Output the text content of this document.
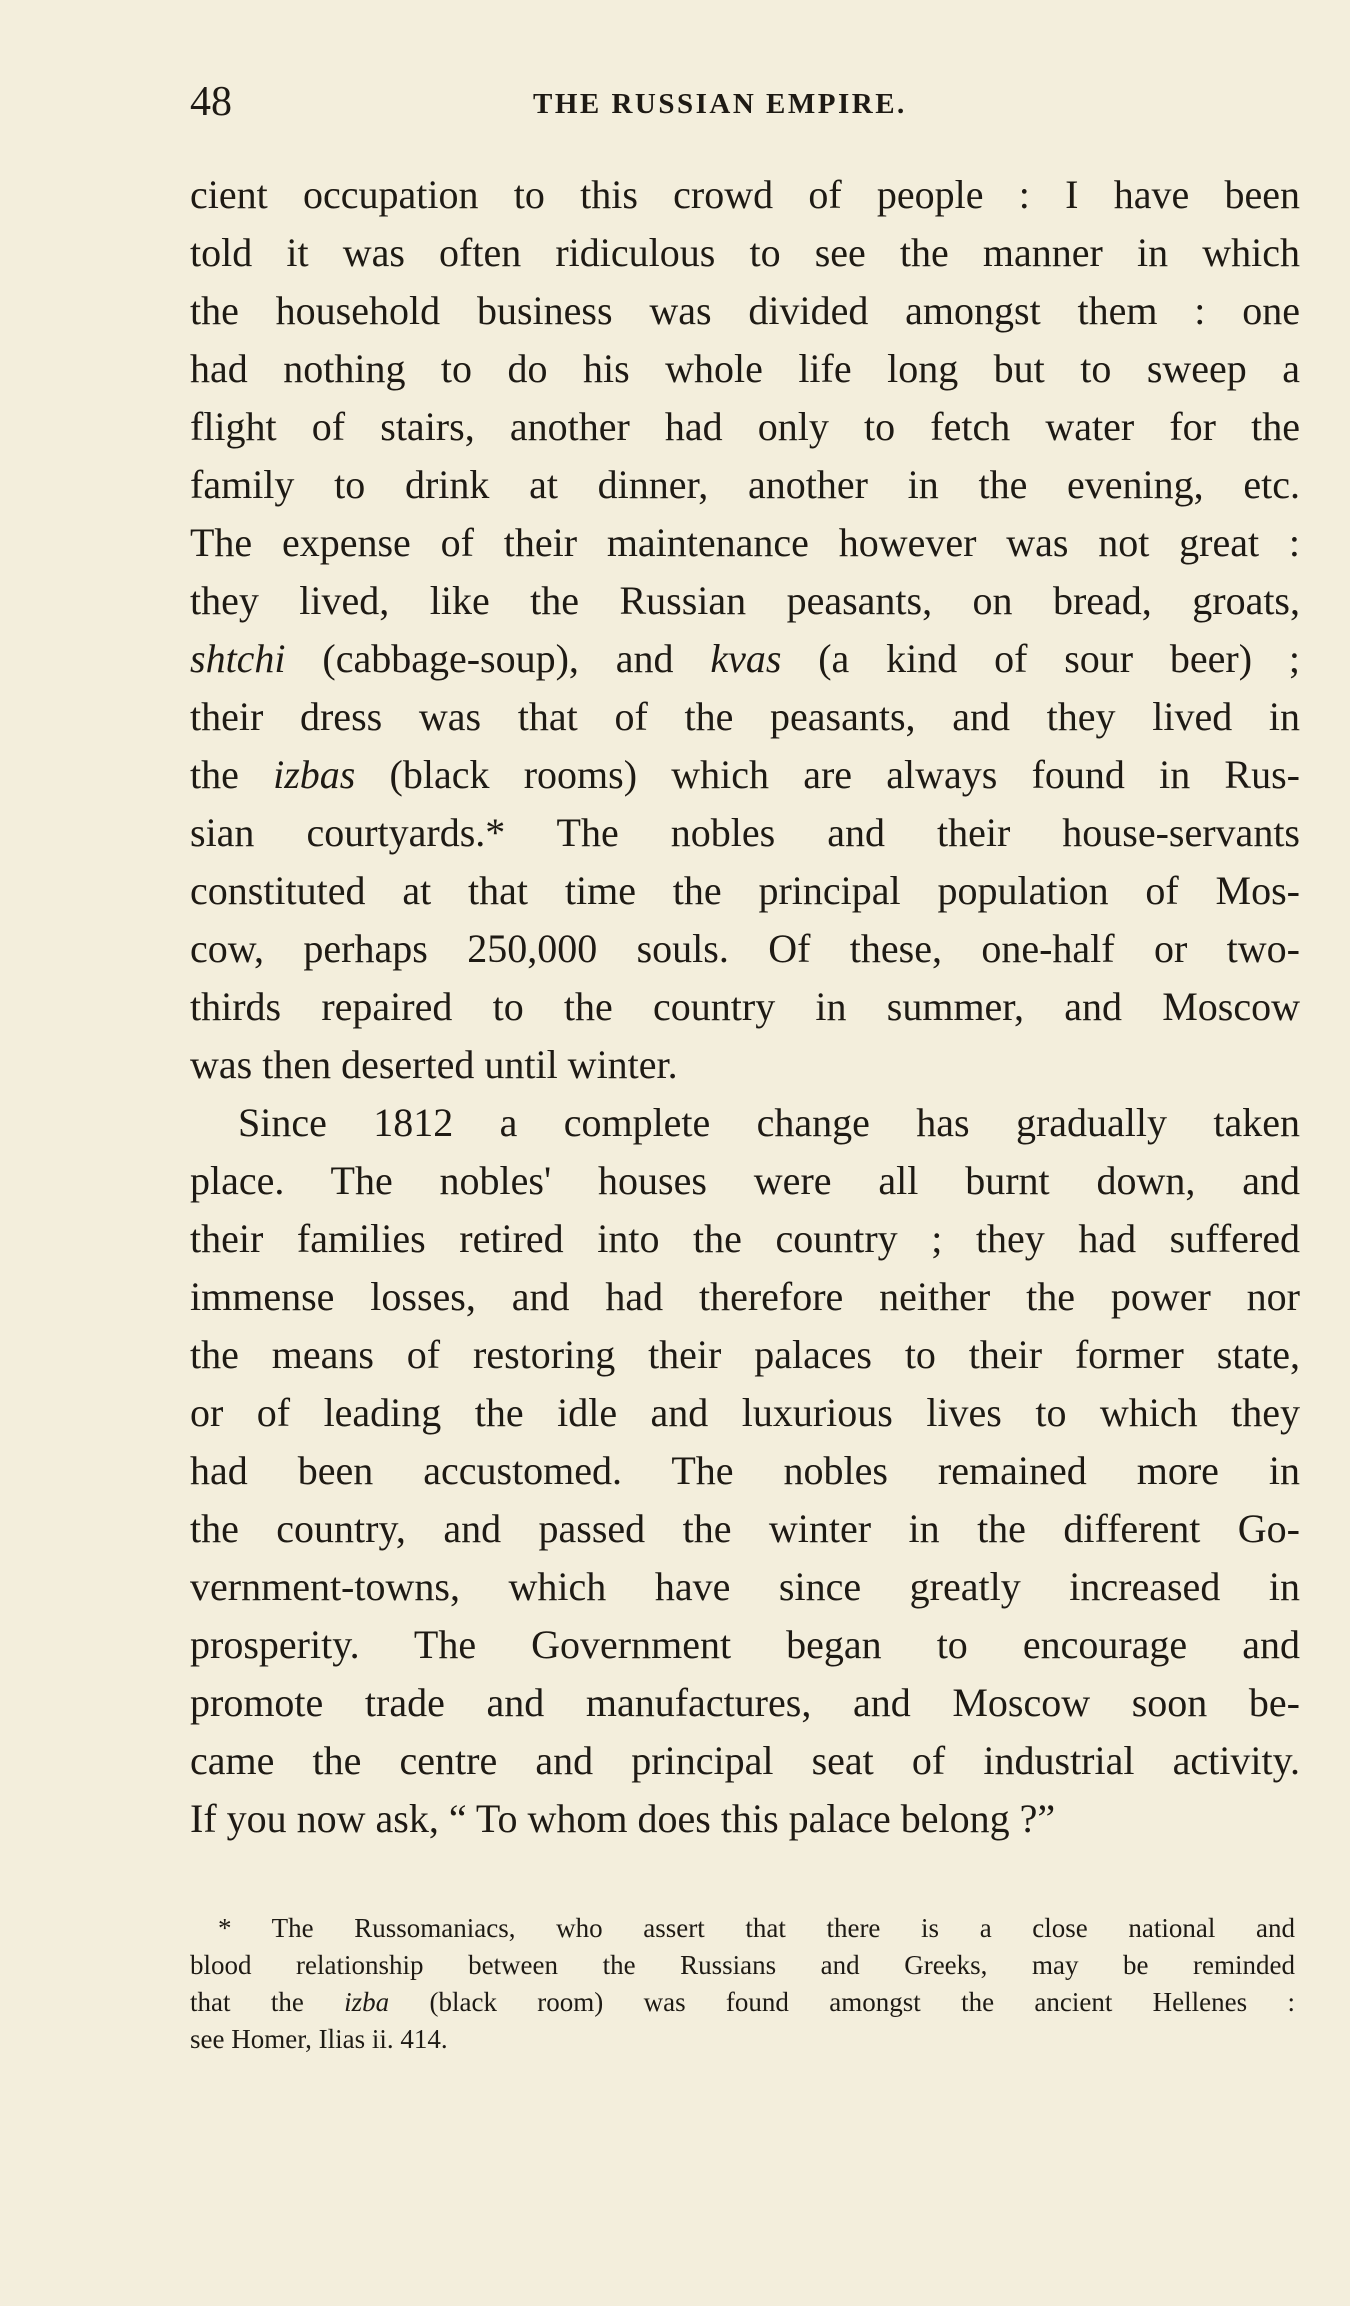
48	THE RUSSIAN EMPIRE.
cient occupation to this crowd of people : I have been
told it was often ridiculous to see the manner in which
the household business was divided amongst them : one
had nothing to do his whole life long but to sweep a
flight of stairs, another had only to fetch water for the
family to drink at dinner, another in the evening, etc.
The expense of their maintenance however was not great :
they lived, like the Russian peasants, on bread, groats,
shtchi (cabbage-soup), and kvas (a kind of sour beer) ;
their dress was that of the peasants, and they lived in
the izbas (black rooms) which are always found in Rus-
sian courtyards.* The nobles and their house-servants
constituted at that time the principal population of Mos-
cow, perhaps 250,000 souls. Of these, one-half or two-
thirds repaired to the country in summer, and Moscow
was then deserted until winter.
Since 1812 a complete change has gradually taken
place. The nobles' houses were all burnt down, and
their families retired into the country ; they had suffered
immense losses, and had therefore neither the power nor
the means of restoring their palaces to their former state,
or of leading the idle and luxurious lives to which they
had been accustomed. The nobles remained more in
the country, and passed the winter in the different Go-
vernment-towns, which have since greatly increased in
prosperity. The Government began to encourage and
promote trade and manufactures, and Moscow soon be-
came the centre and principal seat of industrial activity.
If you now ask, “ To whom does this palace belong ?”
* The Russomaniacs, who assert that there is a close national and
blood relationship between the Russians and Greeks, may be reminded
that the izba (black room) was found amongst the ancient Hellenes :
see Homer, Ilias ii. 414.
